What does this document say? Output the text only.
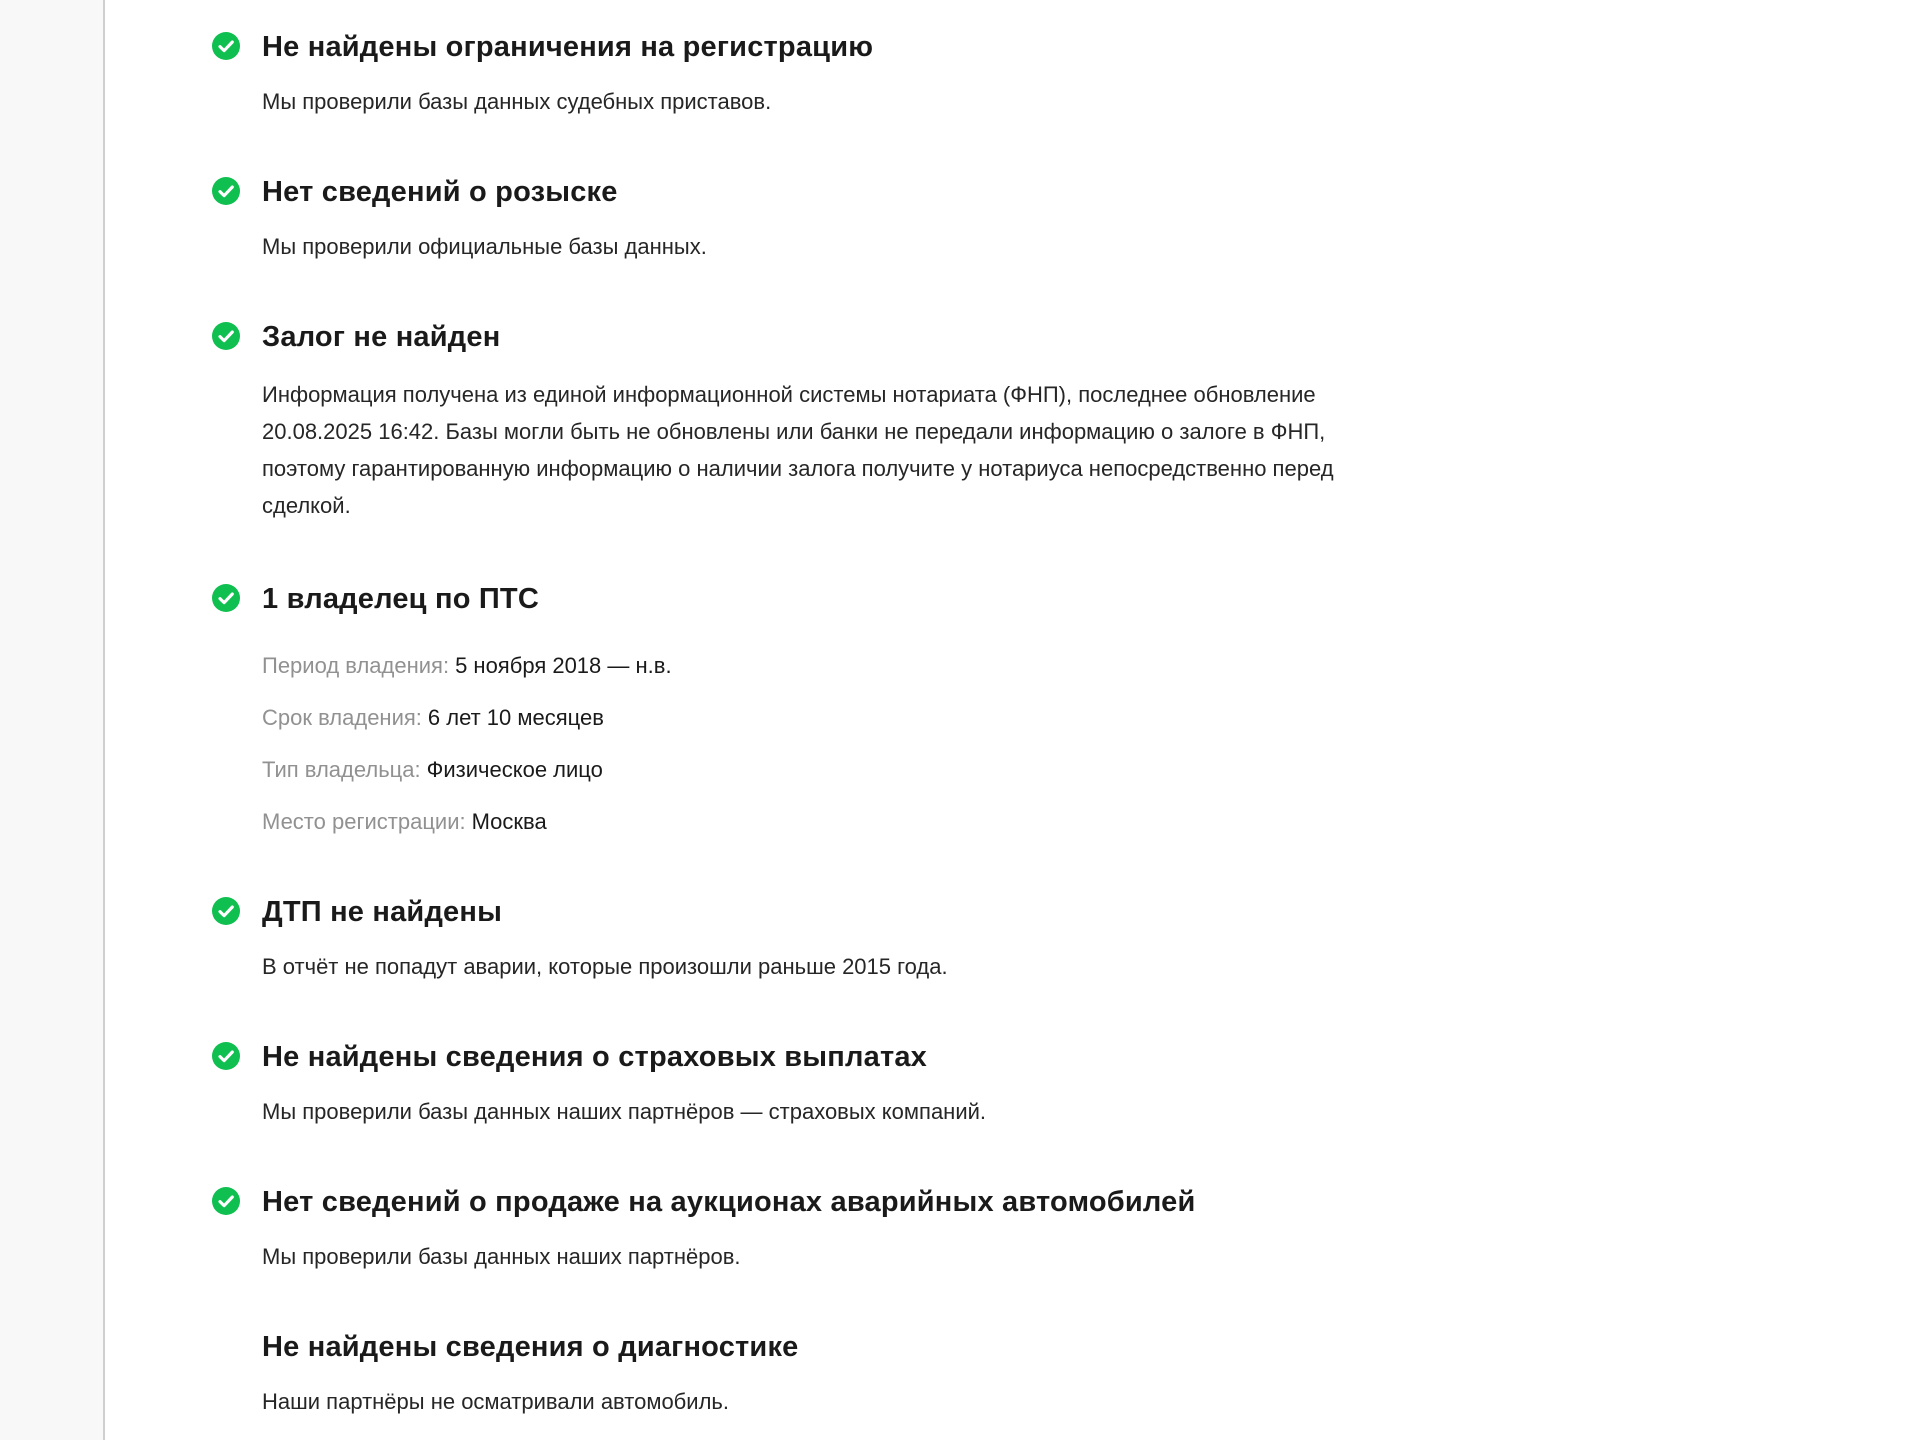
Не найдены ограничения на регистрацию

Мы проверили базы данных судебных приставов.

Нет сведений о розыске

Мы проверили официальные базы данных.

Залог не найден

Информация получена из единой информационной системы нотариата (ФНП), последнее обновление 20.08.2025 16:42. Базы могли быть не обновлены или банки не передали информацию о залоге в ФНП, поэтому гарантированную информацию о наличии залога получите у нотариуса непосредственно перед сделкой.

1 владелец по ПТС
Период владения: 5 ноября 2018 — н.в.
Срок владения: 6 лет 10 месяцев
Тип владельца: Физическое лицо
Место регистрации: Москва
ДТП не найдены

В отчёт не попадут аварии, которые произошли раньше 2015 года.

Не найдены сведения о страховых выплатах

Мы проверили базы данных наших партнёров — страховых компаний.

Нет сведений о продаже на аукционах аварийных автомобилей

Мы проверили базы данных наших партнёров.

Не найдены сведения о диагностике

Наши партнёры не осматривали автомобиль.
